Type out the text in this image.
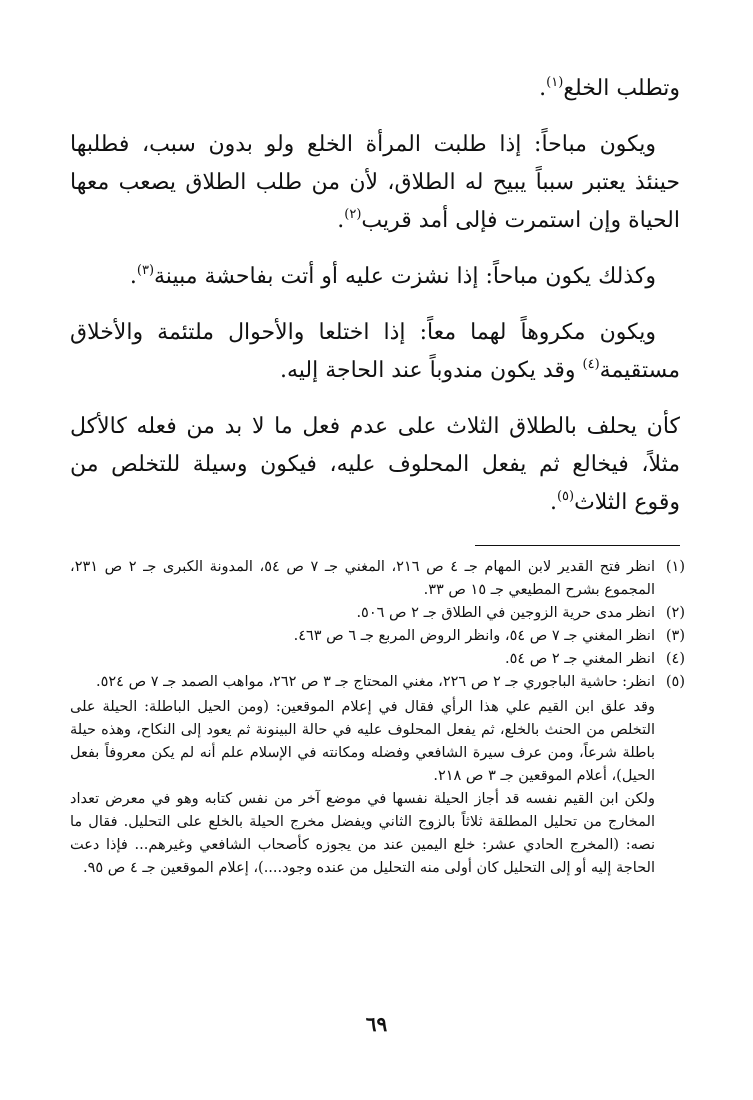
وتطلب الخلع$^{(١)}$.

ويكون مباحاً: إذا طلبت المرأة الخلع ولو بدون سبب، فطلبها حينئذ يعتبر سبباً يبيح له الطلاق، لأن من طلب الطلاق يصعب معها الحياة وإن استمرت فإلى أمد قريب$^{(٢)}$.

وكذلك يكون مباحاً: إذا نشزت عليه أو أتت بفاحشة مبينة$^{(٣)}$.

ويكون مكروهاً لهما معاً: إذا اختلعا والأحوال ملتئمة والأخلاق مستقيمة$^{(٤)}$ وقد يكون مندوباً عند الحاجة إليه.

كأن يحلف بالطلاق الثلاث على عدم فعل ما لا بد من فعله كالأكل مثلاً، فيخالع ثم يفعل المحلوف عليه، فيكون وسيلة للتخلص من وقوع الثلاث$^{(٥)}$.

(١)
انظر فتح القدير لابن المهام جـ ٤ ص ٢١٦، المغني جـ ٧ ص ٥٤، المدونة الكبرى جـ ٢ ص ٢٣١، المجموع بشرح المطيعي جـ ١٥ ص ٣٣.
(٢)
انظر مدى حرية الزوجين في الطلاق جـ ٢ ص ٥٠٦.
(٣)
انظر المغني جـ ٧ ص ٥٤، وانظر الروض المربع جـ ٦ ص ٤٦٣.
(٤)
انظر المغني جـ ٢ ص ٥٤.
(٥)
انظر: حاشية الباجوري جـ ٢ ص ٢٢٦، مغني المحتاج جـ ٣ ص ٢٦٢، مواهب الصمد جـ ٧ ص ٥٢٤.

وقد علق ابن القيم علي هذا الرأي فقال في إعلام الموقعين: (ومن الحيل الباطلة: الحيلة على التخلص من الحنث بالخلع، ثم يفعل المحلوف عليه في حالة البينونة ثم يعود إلى النكاح، وهذه حيلة باطلة شرعاً، ومن عرف سيرة الشافعي وفضله ومكانته في الإسلام علم أنه لم يكن معروفاً بفعل الحيل)، أعلام الموقعين جـ ٣ ص ٢١٨.

ولكن ابن القيم نفسه قد أجاز الحيلة نفسها في موضع آخر من نفس كتابه وهو في معرض تعداد المخارج من تحليل المطلقة ثلاثاً بالزوج الثاني ويفضل مخرج الحيلة بالخلع على التحليل. فقال ما نصه: (المخرج الحادي عشر: خلع اليمين عند من يجوزه كأصحاب الشافعي وغيرهم... فإذا دعت الحاجة إليه أو إلى التحليل كان أولى منه التحليل من عنده وجود....)، إعلام الموقعين جـ ٤ ص ٩٥.

٦٩
